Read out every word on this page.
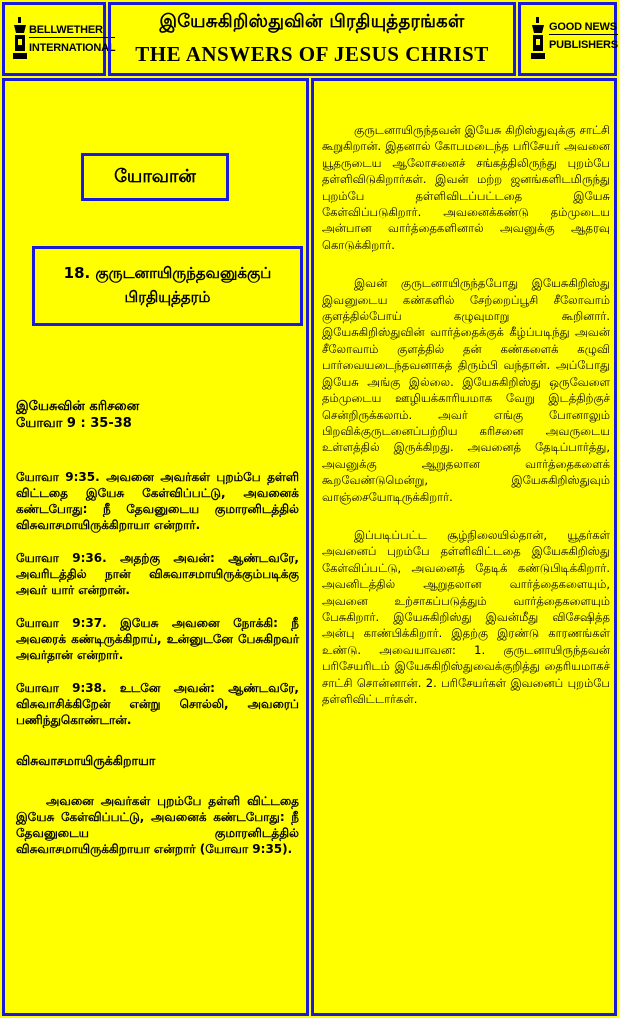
BELLWETHER
INTERNATIONAL
இயேசுகிறிஸ்துவின் பிரதியுத்தரங்கள்
THE ANSWERS OF JESUS CHRIST
GOOD NEWS
PUBLISHERS
யோவான்
18. குருடனாயிருந்தவனுக்குப்
பிரதியுத்தரம்
இயேசுவின் கரிசனை
யோவா 9 : 35-38
யோவா 9:35. அவனை அவர்கள் புறம்பே தள்ளி விட்டதை இயேசு கேள்விப்பட்டு, அவனைக் கண்டபோது: நீ தேவனுடைய குமாரனிடத்தில் விசுவாசமாயிருக்கிறாயா என்றார்.
யோவா 9:36. அதற்கு அவன்: ஆண்டவரே, அவரிடத்தில் நான் விசுவாசமாயிருக்கும்படிக்கு அவர் யார் என்றான்.
யோவா 9:37. இயேசு அவனை நோக்கி: நீ அவரைக் கண்டிருக்கிறாய், உன்னுடனே பேசுகிறவர் அவர்தான் என்றார்.
யோவா 9:38. உடனே அவன்: ஆண்டவரே, விசுவாசிக்கிறேன் என்று சொல்லி, அவரைப் பணிந்துகொண்டான்.
விசுவாசமாயிருக்கிறாயா
அவனை அவர்கள் புறம்பே தள்ளி விட்டதை இயேசு கேள்விப்பட்டு, அவனைக் கண்டபோது: நீ தேவனுடைய குமாரனிடத்தில் விசுவாசமாயிருக்கிறாயா என்றார் (யோவா 9:35).

குருடனாயிருந்தவன் இயேசு கிறிஸ்துவுக்கு சாட்சி கூறுகிறான். இதனால் கோபமடைந்த பரிசேயர் அவனை யூதருடைய ஆலோசனைச் சங்கத்திலிருந்து புறம்பே தள்ளிவிடுகிறார்கள். இவன் மற்ற ஜனங்களிடமிருந்து புறம்பே தள்ளிவிடப்பட்டதை இயேசு கேள்விப்படுகிறார். அவனைக்கண்டு தம்முடைய அன்பான வார்த்தைகளினால் அவனுக்கு ஆதரவு கொடுக்கிறார்.

இவன் குருடனாயிருந்தபோது இயேசுகிறிஸ்து இவனுடைய கண்களில் சேற்றைப்பூசி சீலோவாம் குளத்தில்போய் கழுவுமாறு கூறினார். இயேசுகிறிஸ்துவின் வார்த்தைக்குக் கீழ்ப்படிந்து அவன் சீலோவாம் குளத்தில் தன் கண்களைக் கழுவி பார்வையடைந்தவனாகத் திரும்பி வந்தான். அப்போது இயேசு அங்கு இல்லை. இயேசுகிறிஸ்து ஒருவேளை தம்முடைய ஊழியக்காரியமாக வேறு இடத்திற்குச் சென்றிருக்கலாம். அவர் எங்கு போனாலும் பிறவிக்குருடனைப்பற்றிய கரிசனை அவருடைய உள்ளத்தில் இருக்கிறது. அவனைத் தேடிப்பார்த்து, அவனுக்கு ஆறுதலான வார்த்தைகளைக் கூறவேண்டுமென்று, இயேசுகிறிஸ்துவும் வாஞ்சையோடிருக்கிறார்.

இப்படிப்பட்ட சூழ்நிலையில்தான், யூதர்கள் அவனைப் புறம்பே தள்ளிவிட்டதை இயேசுகிறிஸ்து கேள்விப்பட்டு, அவனைத் தேடிக் கண்டுபிடிக்கிறார். அவனிடத்தில் ஆறுதலான வார்த்தைகளையும், அவனை உற்சாகப்படுத்தும் வார்த்தைகளையும் பேசுகிறார். இயேசுகிறிஸ்து இவன்மீது விசேஷித்த அன்பு காண்பிக்கிறார். இதற்கு இரண்டு காரணங்கள் உண்டு. அவையாவன: 1. குருடனாயிருந்தவன் பரிசேயரிடம் இயேசுகிறிஸ்துவைக்குறித்து தைரியமாகச் சாட்சி சொன்னான். 2. பரிசேயர்கள் இவனைப் புறம்பே தள்ளிவிட்டார்கள்.
